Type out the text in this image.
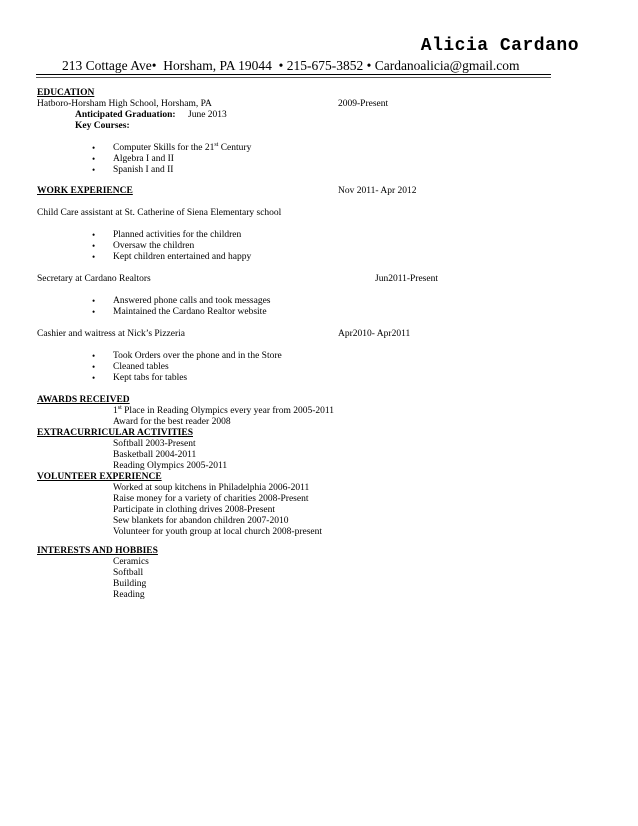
Alicia Cardano
213 Cottage Ave• Horsham, PA 19044 • 215-675-3852 • Cardanoalicia@gmail.com
EDUCATION
Hatboro-Horsham High School, Horsham, PA	2009-Present
Anticipated Graduation: June 2013
Key Courses:
• Computer Skills for the 21st Century
• Algebra I and II
• Spanish I and II
WORK EXPERIENCE	Nov 2011- Apr 2012
Child Care assistant at St. Catherine of Siena Elementary school
• Planned activities for the children
• Oversaw the children
• Kept children entertained and happy
Secretary at Cardano Realtors	Jun2011-Present
• Answered phone calls and took messages
• Maintained the Cardano Realtor website
Cashier and waitress at Nick’s Pizzeria	Apr2010- Apr2011
• Took Orders over the phone and in the Store
• Cleaned tables
• Kept tabs for tables
AWARDS RECEIVED
1st Place in Reading Olympics every year from 2005-2011
Award for the best reader 2008
EXTRACURRICULAR ACTIVITIES
Softball 2003-Present
Basketball 2004-2011
Reading Olympics 2005-2011
VOLUNTEER EXPERIENCE
Worked at soup kitchens in Philadelphia 2006-2011
Raise money for a variety of charities 2008-Present
Participate in clothing drives 2008-Present
Sew blankets for abandon children 2007-2010
Volunteer for youth group at local church 2008-present
INTERESTS AND HOBBIES
Ceramics
Softball
Building
Reading
